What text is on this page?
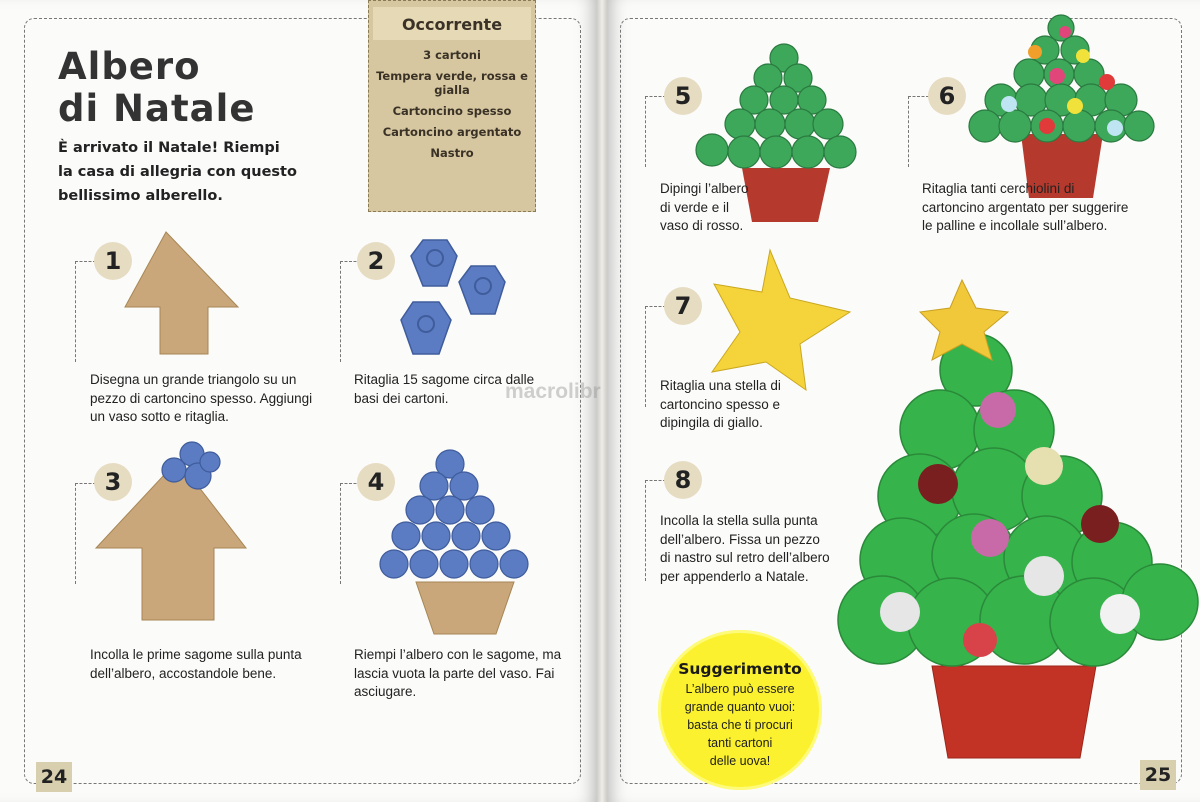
Albero
di Natale
È arrivato il Natale! Riempi
la casa di allegria con questo
bellissimo alberello.
Occorrente
3 cartoni
Tempera verde, rossa e gialla
Cartoncino spesso
Cartoncino argentato
Nastro
1
Disegna un grande triangolo su un pezzo di cartoncino spesso. Aggiungi un vaso sotto e ritaglia.
2
Ritaglia 15 sagome circa dalle basi dei cartoni.
3
Incolla le prime sagome sulla punta dell’albero, accostandole bene.
4
Riempi l’albero con le sagome, ma lascia vuota la parte del vaso. Fai asciugare.
5
Dipingi l’albero di verde e il vaso di rosso.
6
Ritaglia tanti cerchiolini di cartoncino argentato per suggerire le palline e incollale sull’albero.
7
Ritaglia una stella di cartoncino spesso e dipingila di giallo.
8
Incolla la stella sulla punta dell’albero. Fissa un pezzo di nastro sul retro dell’albero per appenderlo a Natale.
Suggerimento
L’albero può essere
grande quanto vuoi:
basta che ti procuri
tanti cartoni
delle uova!
macrolibr
24	25
